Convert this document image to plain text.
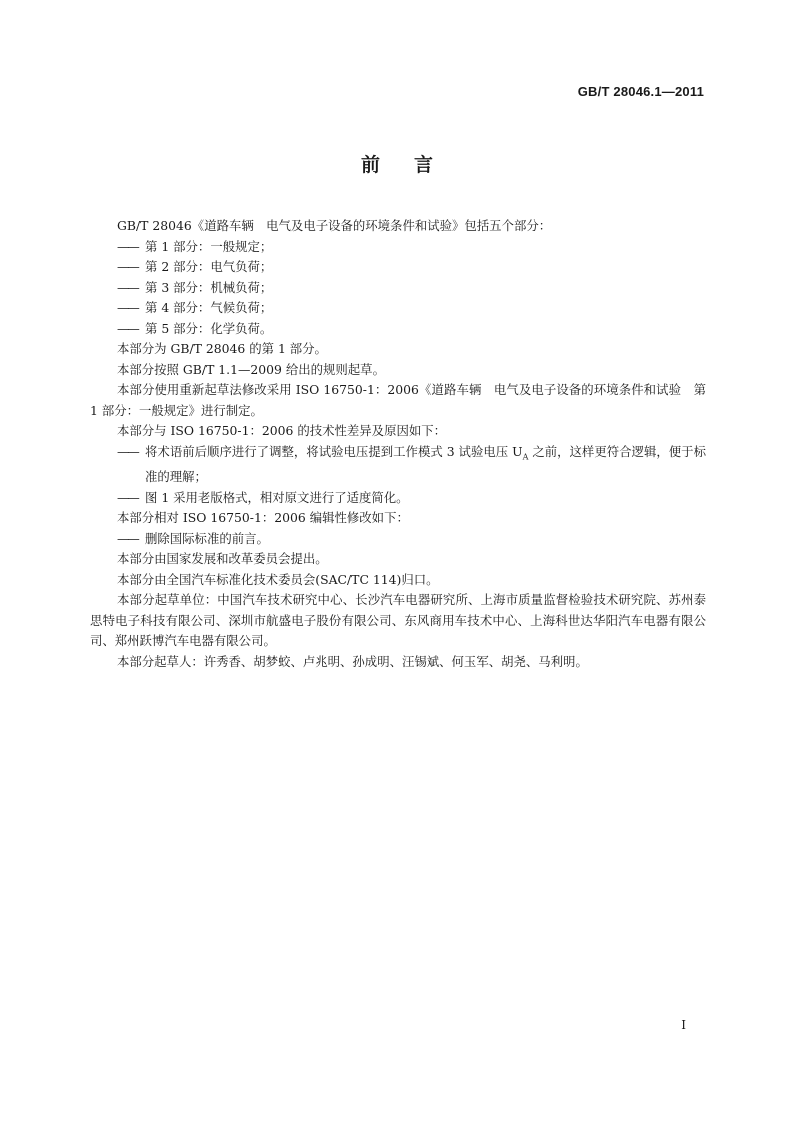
GB/T 28046.1—2011
前言

GB/T 28046《道路车辆　电气及电子设备的环境条件和试验》包括五个部分：

—— 第 1 部分：一般规定；

—— 第 2 部分：电气负荷；

—— 第 3 部分：机械负荷；

—— 第 4 部分：气候负荷；

—— 第 5 部分：化学负荷。

本部分为 GB/T 28046 的第 1 部分。

本部分按照 GB/T 1.1—2009 给出的规则起草。

本部分使用重新起草法修改采用 ISO 16750-1：2006《道路车辆　电气及电子设备的环境条件和试验　第 1 部分：一般规定》进行制定。

本部分与 ISO 16750-1：2006 的技术性差异及原因如下：

—— 将术语前后顺序进行了调整，将试验电压提到工作模式 3 试验电压 $U_A$ 之前，这样更符合逻辑，便于标准的理解；

—— 图 1 采用老版格式，相对原文进行了适度简化。

本部分相对 ISO 16750-1：2006 编辑性修改如下：

—— 删除国际标准的前言。

本部分由国家发展和改革委员会提出。

本部分由全国汽车标准化技术委员会(SAC/TC 114)归口。

本部分起草单位：中国汽车技术研究中心、长沙汽车电器研究所、上海市质量监督检验技术研究院、苏州泰思特电子科技有限公司、深圳市航盛电子股份有限公司、东风商用车技术中心、上海科世达华阳汽车电器有限公司、郑州跃博汽车电器有限公司。

本部分起草人：许秀香、胡梦蛟、卢兆明、孙成明、汪锡斌、何玉军、胡尧、马利明。

I
